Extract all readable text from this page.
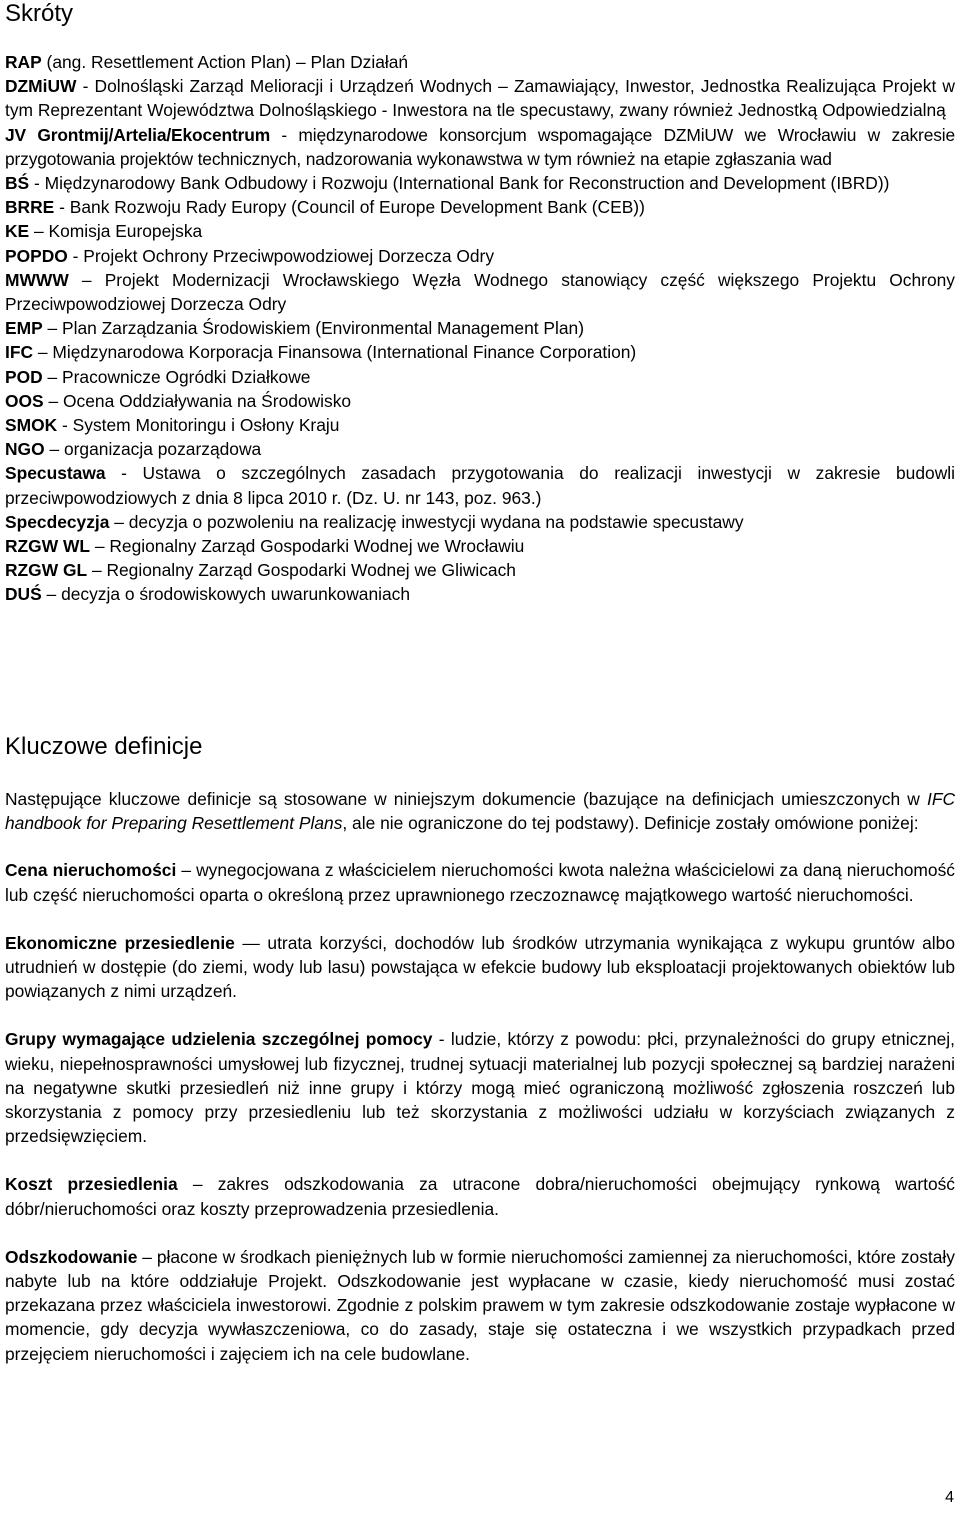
Skróty

RAP (ang. Resettlement Action Plan) – Plan Działań

DZMiUW - Dolnośląski Zarząd Melioracji i Urządzeń Wodnych – Zamawiający, Inwestor, Jednostka Realizująca Projekt w tym Reprezentant Województwa Dolnośląskiego - Inwestora na tle specustawy, zwany również Jednostką Odpowiedzialną

JV Grontmij/Artelia/Ekocentrum - międzynarodowe konsorcjum wspomagające DZMiUW we Wrocławiu w zakresie przygotowania projektów technicznych, nadzorowania wykonawstwa w tym również na etapie zgłaszania wad

BŚ - Międzynarodowy Bank Odbudowy i Rozwoju (International Bank for Reconstruction and Development (IBRD))

BRRE - Bank Rozwoju Rady Europy (Council of Europe Development Bank (CEB))

KE – Komisja Europejska

POPDO - Projekt Ochrony Przeciwpowodziowej Dorzecza Odry

MWWW – Projekt Modernizacji Wrocławskiego Węzła Wodnego stanowiący część większego Projektu Ochrony Przeciwpowodziowej Dorzecza Odry

EMP – Plan Zarządzania Środowiskiem (Environmental Management Plan)

IFC – Międzynarodowa Korporacja Finansowa (International Finance Corporation)

POD – Pracownicze Ogródki Działkowe

OOS – Ocena Oddziaływania na Środowisko

SMOK - System Monitoringu i Osłony Kraju

NGO – organizacja pozarządowa

Specustawa - Ustawa o szczególnych zasadach przygotowania do realizacji inwestycji w zakresie budowli przeciwpowodziowych z dnia 8 lipca 2010 r. (Dz. U. nr 143, poz. 963.)

Specdecyzja – decyzja o pozwoleniu na realizację inwestycji wydana na podstawie specustawy

RZGW WL – Regionalny Zarząd Gospodarki Wodnej we Wrocławiu

RZGW GL – Regionalny Zarząd Gospodarki Wodnej we Gliwicach

DUŚ – decyzja o środowiskowych uwarunkowaniach

Kluczowe definicje

Następujące kluczowe definicje są stosowane w niniejszym dokumencie (bazujące na definicjach umieszczonych w IFC handbook for Preparing Resettlement Plans, ale nie ograniczone do tej podstawy). Definicje zostały omówione poniżej:

Cena nieruchomości – wynegocjowana z właścicielem nieruchomości kwota należna właścicielowi za daną nieruchomość lub część nieruchomości oparta o określoną przez uprawnionego rzeczoznawcę majątkowego wartość nieruchomości.

Ekonomiczne przesiedlenie — utrata korzyści, dochodów lub środków utrzymania wynikająca z wykupu gruntów albo utrudnień w dostępie (do ziemi, wody lub lasu) powstająca w efekcie budowy lub eksploatacji projektowanych obiektów lub powiązanych z nimi urządzeń.

Grupy wymagające udzielenia szczególnej pomocy - ludzie, którzy z powodu: płci, przynależności do grupy etnicznej, wieku, niepełnosprawności umysłowej lub fizycznej, trudnej sytuacji materialnej lub pozycji społecznej są bardziej narażeni na negatywne skutki przesiedleń niż inne grupy i którzy mogą mieć ograniczoną możliwość zgłoszenia roszczeń lub skorzystania z pomocy przy przesiedleniu lub też skorzystania z możliwości udziału w korzyściach związanych z przedsięwzięciem.

Koszt przesiedlenia – zakres odszkodowania za utracone dobra/nieruchomości obejmujący rynkową wartość dóbr/nieruchomości oraz koszty przeprowadzenia przesiedlenia.

Odszkodowanie – płacone w środkach pieniężnych lub w formie nieruchomości zamiennej za nieruchomości, które zostały nabyte lub na które oddziałuje Projekt. Odszkodowanie jest wypłacane w czasie, kiedy nieruchomość musi zostać przekazana przez właściciela inwestorowi. Zgodnie z polskim prawem w tym zakresie odszkodowanie zostaje wypłacone w momencie, gdy decyzja wywłaszczeniowa, co do zasady, staje się ostateczna i we wszystkich przypadkach przed przejęciem nieruchomości i zajęciem ich na cele budowlane.

4
